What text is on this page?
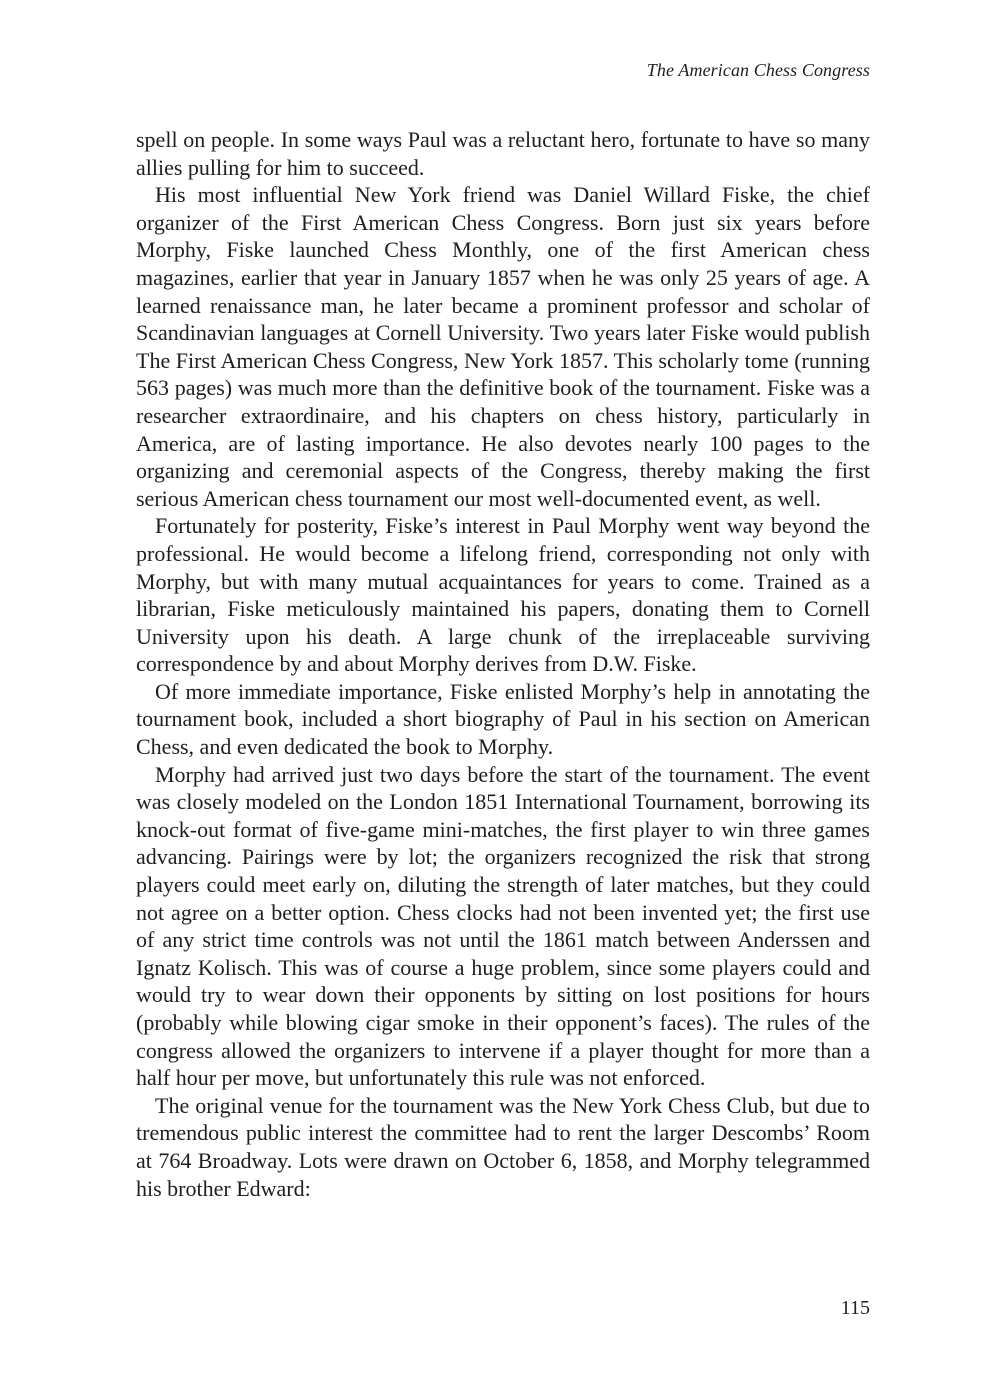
The American Chess Congress

spell on people. In some ways Paul was a reluctant hero, fortunate to have so many allies pulling for him to succeed.

His most influential New York friend was Daniel Willard Fiske, the chief organizer of the First American Chess Congress. Born just six years before Morphy, Fiske launched Chess Monthly, one of the first American chess magazines, earlier that year in January 1857 when he was only 25 years of age. A learned renaissance man, he later became a prominent professor and scholar of Scandinavian languages at Cornell University. Two years later Fiske would publish The First American Chess Congress, New York 1857. This scholarly tome (running 563 pages) was much more than the definitive book of the tournament. Fiske was a researcher extraordinaire, and his chapters on chess history, particularly in America, are of lasting importance. He also devotes nearly 100 pages to the organizing and ceremonial aspects of the Congress, thereby making the first serious American chess tournament our most well-documented event, as well.

Fortunately for posterity, Fiske’s interest in Paul Morphy went way beyond the professional. He would become a lifelong friend, corresponding not only with Morphy, but with many mutual acquaintances for years to come. Trained as a librarian, Fiske meticulously maintained his papers, donating them to Cornell University upon his death. A large chunk of the irreplaceable surviving correspondence by and about Morphy derives from D.W. Fiske.

Of more immediate importance, Fiske enlisted Morphy’s help in annotating the tournament book, included a short biography of Paul in his section on American Chess, and even dedicated the book to Morphy.

Morphy had arrived just two days before the start of the tournament. The event was closely modeled on the London 1851 International Tournament, borrowing its knock-out format of five-game mini-matches, the first player to win three games advancing. Pairings were by lot; the organizers recognized the risk that strong players could meet early on, diluting the strength of later matches, but they could not agree on a better option. Chess clocks had not been invented yet; the first use of any strict time controls was not until the 1861 match between Anderssen and Ignatz Kolisch. This was of course a huge problem, since some players could and would try to wear down their opponents by sitting on lost positions for hours (probably while blowing cigar smoke in their opponent’s faces). The rules of the congress allowed the organizers to intervene if a player thought for more than a half hour per move, but unfortunately this rule was not enforced.

The original venue for the tournament was the New York Chess Club, but due to tremendous public interest the committee had to rent the larger Descombs’ Room at 764 Broadway. Lots were drawn on October 6, 1858, and Morphy telegrammed his brother Edward:

115
